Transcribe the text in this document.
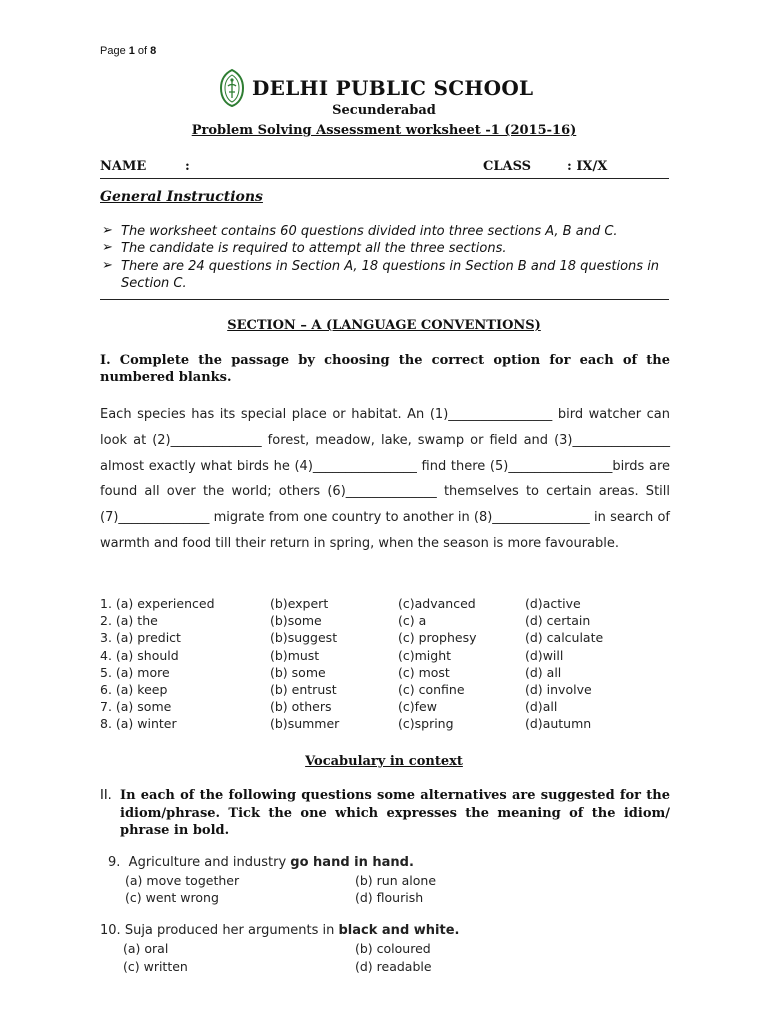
Page 1 of 8
DELHI PUBLIC SCHOOL
Secunderabad
Problem Solving Assessment worksheet -1 (2015-16)
NAME	:	CLASS	: IX/X
General Instructions
➢ The worksheet contains 60 questions divided into three sections A, B and C.
➢ The candidate is required to attempt all the three sections.
➢ There are 24 questions in Section A, 18 questions in Section B and 18 questions in Section C.
SECTION – A (LANGUAGE CONVENTIONS)
I. Complete the passage by choosing the correct option for each of the numbered blanks.
Each species has its special place or habitat. An (1)________________ bird watcher can look at (2)______________ forest, meadow, lake, swamp or field and (3)_______________ almost exactly what birds he (4)________________ find there (5)________________birds are found all over the world; others (6)______________ themselves to certain areas. Still (7)______________ migrate from one country to another in (8)_______________ in search of warmth and food till their return in spring, when the season is more favourable.
1. (a) experienced	(b)expert	(c)advanced	(d)active
2. (a) the	(b)some	(c) a	(d) certain
3. (a) predict	(b)suggest	(c) prophesy	(d) calculate
4. (a) should	(b)must	(c)might	(d)will
5. (a) more	(b) some	(c) most	(d) all
6. (a) keep	(b) entrust	(c) confine	(d) involve
7. (a) some	(b) others	(c)few	(d)all
8. (a) winter	(b)summer	(c)spring	(d)autumn
Vocabulary in context
II. In each of the following questions some alternatives are suggested for the idiom/phrase. Tick the one which expresses the meaning of the idiom/ phrase in bold.
9. Agriculture and industry go hand in hand.
(a) move together	(b) run alone
(c) went wrong	(d) flourish
10. Suja produced her arguments in black and white.
(a) oral	(b) coloured
(c) written	(d) readable
